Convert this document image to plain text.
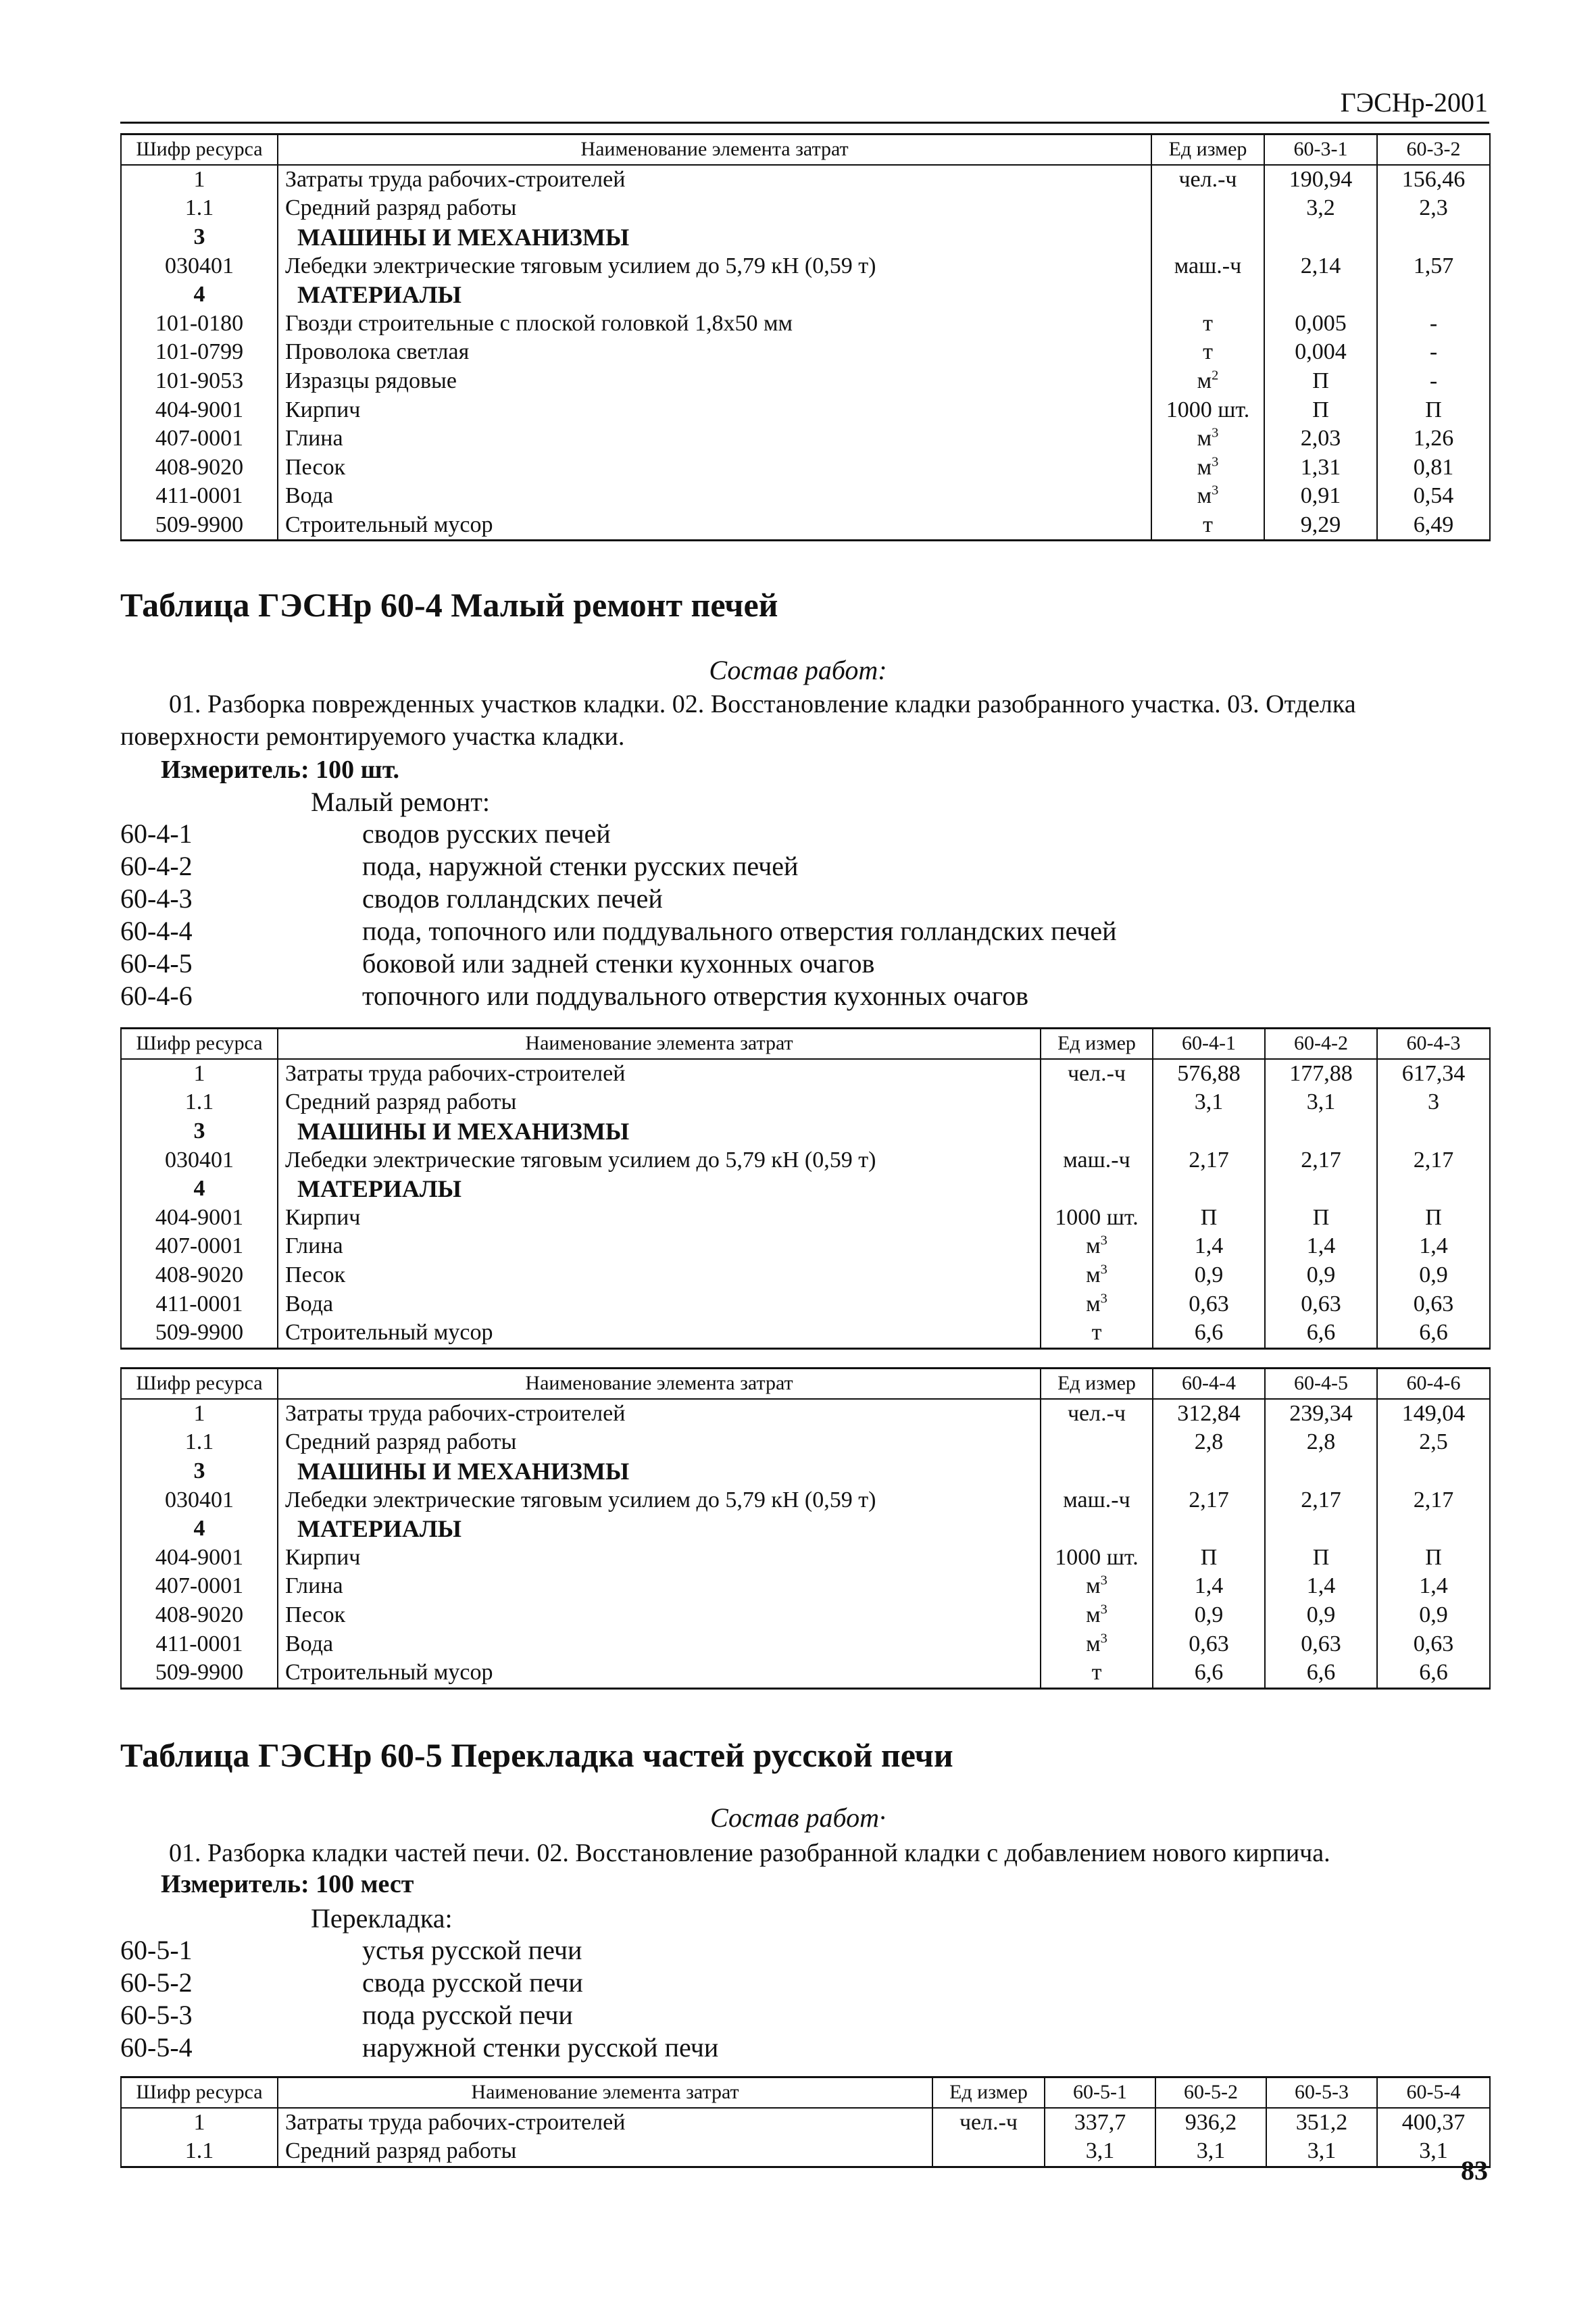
ГЭСНр-2001
Шифр ресурса	Наименование элемента затрат	Ед измер	60-3-1	60-3-2
1	Затраты труда рабочих-строителей	чел.-ч	190,94	156,46
1.1	Средний разряд работы		3,2	2,3
3	МАШИНЫ И МЕХАНИЗМЫ			
030401	Лебедки электрические тяговым усилием до 5,79 кН (0,59 т)	маш.-ч	2,14	1,57
4	МАТЕРИАЛЫ			
101-0180	Гвозди строительные с плоской головкой 1,8х50 мм	т	0,005	-
101-0799	Проволока светлая	т	0,004	-
101-9053	Изразцы рядовые	$м^2$	П	-
404-9001	Кирпич	1000 шт.	П	П
407-0001	Глина	$м^3$	2,03	1,26
408-9020	Песок	$м^3$	1,31	0,81
411-0001	Вода	$м^3$	0,91	0,54
509-9900	Строительный мусор	т	9,29	6,49
Таблица ГЭСНр 60-4 Малый ремонт печей
Состав работ:
01. Разборка поврежденных участков кладки. 02. Восстановление кладки разобранного участка. 03. Отделка поверхности ремонтируемого участка кладки.
Измеритель: 100 шт.
Малый ремонт:
60-4-1	сводов русских печей
60-4-2	пода, наружной стенки русских печей
60-4-3	сводов голландских печей
60-4-4	пода, топочного или поддувального отверстия голландских печей
60-4-5	боковой или задней стенки кухонных очагов
60-4-6	топочного или поддувального отверстия кухонных очагов
Шифр ресурса	Наименование элемента затрат	Ед измер	60-4-1	60-4-2	60-4-3
1	Затраты труда рабочих-строителей	чел.-ч	576,88	177,88	617,34
1.1	Средний разряд работы		3,1	3,1	3
3	МАШИНЫ И МЕХАНИЗМЫ				
030401	Лебедки электрические тяговым усилием до 5,79 кН (0,59 т)	маш.-ч	2,17	2,17	2,17
4	МАТЕРИАЛЫ				
404-9001	Кирпич	1000 шт.	П	П	П
407-0001	Глина	$м^3$	1,4	1,4	1,4
408-9020	Песок	$м^3$	0,9	0,9	0,9
411-0001	Вода	$м^3$	0,63	0,63	0,63
509-9900	Строительный мусор	т	6,6	6,6	6,6
Шифр ресурса	Наименование элемента затрат	Ед измер	60-4-4	60-4-5	60-4-6
1	Затраты труда рабочих-строителей	чел.-ч	312,84	239,34	149,04
1.1	Средний разряд работы		2,8	2,8	2,5
3	МАШИНЫ И МЕХАНИЗМЫ				
030401	Лебедки электрические тяговым усилием до 5,79 кН (0,59 т)	маш.-ч	2,17	2,17	2,17
4	МАТЕРИАЛЫ				
404-9001	Кирпич	1000 шт.	П	П	П
407-0001	Глина	$м^3$	1,4	1,4	1,4
408-9020	Песок	$м^3$	0,9	0,9	0,9
411-0001	Вода	$м^3$	0,63	0,63	0,63
509-9900	Строительный мусор	т	6,6	6,6	6,6
Таблица ГЭСНр 60-5 Перекладка частей русской печи
Состав работ·
01. Разборка кладки частей печи. 02. Восстановление разобранной кладки с добавлением нового кирпича.
Измеритель: 100 мест
Перекладка:
60-5-1	устья русской печи
60-5-2	свода русской печи
60-5-3	пода русской печи
60-5-4	наружной стенки русской печи
Шифр ресурса	Наименование элемента затрат	Ед измер	60-5-1	60-5-2	60-5-3	60-5-4
1	Затраты труда рабочих-строителей	чел.-ч	337,7	936,2	351,2	400,37
1.1	Средний разряд работы		3,1	3,1	3,1	3,1
83
